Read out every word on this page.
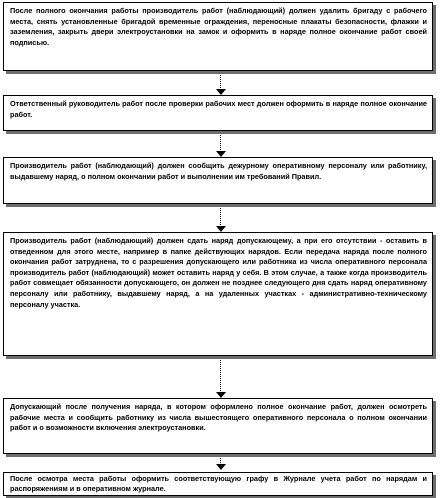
После полного окончания работы производитель работ (наблюдающий) должен удалить бригаду с рабочего места, снять установленные бригадой временные ограждения, переносные плакаты безопасности, флажки и заземления, закрыть двери электроустановки на замок и оформить в наряде полное окончание работ своей подписью.
Ответственный руководитель работ после проверки рабочих мест должен оформить в наряде полное окончание работ.
Производитель работ (наблюдающий) должен сообщить дежурному оперативному персоналу или работнику, выдавшему наряд, о полном окончании работ и выполнении им требований Правил.
Производитель работ (наблюдающий) должен сдать наряд допускающему, а при его отсутствии - оставить в отведенном для этого месте, например в папке действующих нарядов. Если передача наряда после полного окончания работ затруднена, то с разрешения допускающего или работника из числа оперативного персонала производитель работ (наблюдающий) может оставить наряд у себя. В этом случае, а также когда производитель работ совмещает обязанности допускающего, он должен не позднее следующего дня сдать наряд оперативному персоналу или работнику, выдавшему наряд, а на удаленных участках - административно-техническому персоналу участка.
Допускающий после получения наряда, в котором оформлено полное окончание работ, должен осмотреть рабочие места и сообщить работнику из числа вышестоящего оперативного персонала о полном окончании работ и о возможности включения электроустановки.
После осмотра места работы оформить соответствующую графу в Журнале учета работ по нарядам и распоряжениям и в оперативном журнале.
